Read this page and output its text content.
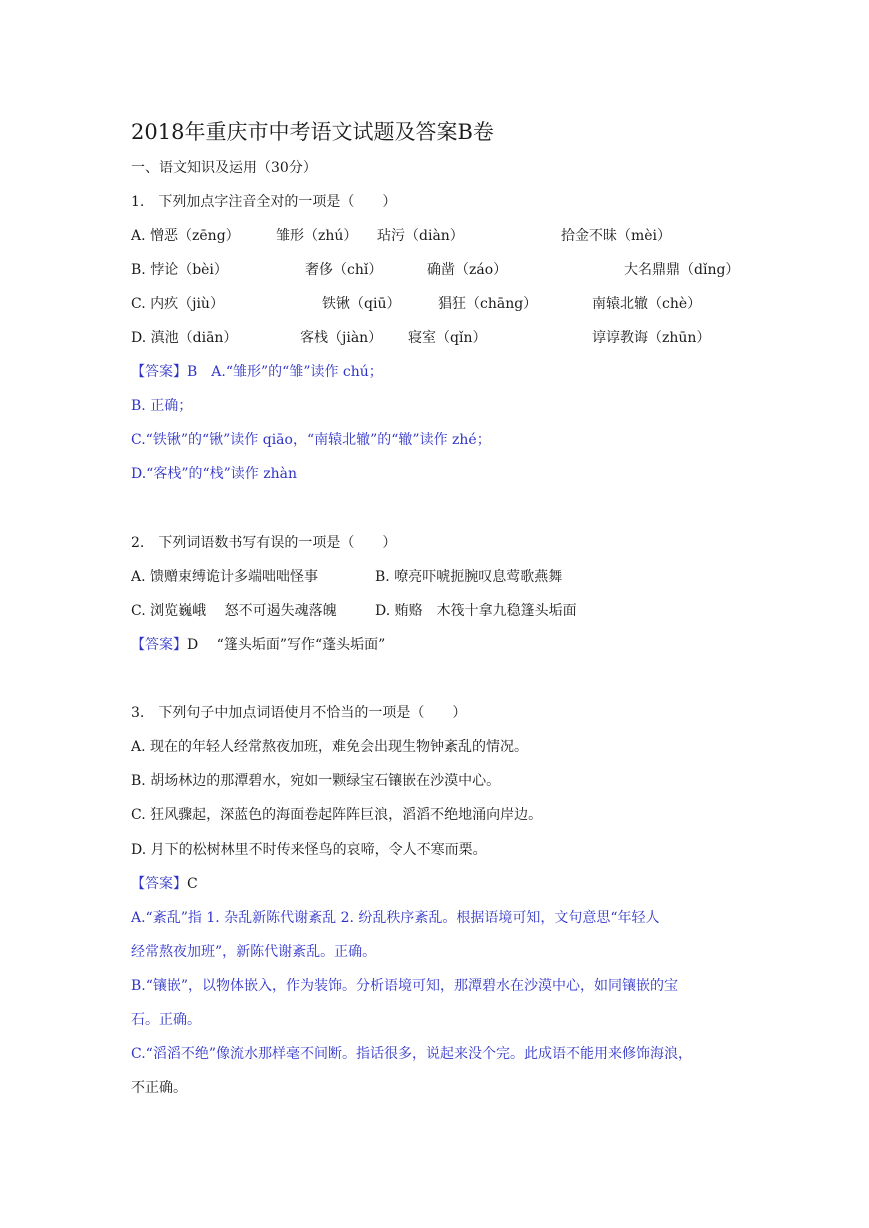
2018年重庆市中考语文试题及答案B卷
一、语文知识及运用（30分）
1.　下列加点字注音全对的一项是（　　）
A. 憎恶（zēng）	雏形（zhú） 玷污（diàn）	拾金不昧（mèi）
B. 悖论（bèi）	奢侈（chǐ）	确凿（záo）	大名鼎鼎（dǐng）
C. 内疚（jiù）	铁锹（qiū）	猖狂（chāng）	南辕北辙（chè）
D. 滇池（diān）	客栈（jiàn） 寝室（qǐn）	谆谆教诲（zhūn）
【答案】B　A.“雏形”的“雏”读作 chú；
B. 正确；
C.“铁锹”的“锹”读作 qiāo，“南辕北辙”的“辙”读作 zhé；
D.“客栈”的“栈”读作 zhàn
2.　下列词语数书写有误的一项是（　　）
A. 馈赠束缚诡计多端咄咄怪事	B. 嘹亮吓唬扼腕叹息莺歌燕舞
C. 浏览巍峨　 怒不可遏失魂落魄	D. 贿赂　木筏十拿九稳篷头垢面
【答案】D　 “篷头垢面”写作“蓬头垢面”
3.　下列句子中加点词语使月不恰当的一项是（　　）
A. 现在的年轻人经常熬夜加班，难免会出现生物钟紊乱的情况。
B. 胡场林边的那潭碧水，宛如一颗绿宝石镶嵌在沙漠中心。
C. 狂风骤起，深蓝色的海面卷起阵阵巨浪，滔滔不绝地涌向岸边。
D. 月下的松树林里不时传来怪鸟的哀啼，令人不寒而栗。
【答案】C
A.“紊乱”指 1. 杂乱新陈代谢紊乱 2. 纷乱秩序紊乱。根据语境可知，文句意思“年轻人
经常熬夜加班”，新陈代谢紊乱。正确。
B.“镶嵌”，以物体嵌入，作为装饰。分析语境可知，那潭碧水在沙漠中心，如同镶嵌的宝
石。正确。
C.“滔滔不绝”像流水那样毫不间断。指话很多，说起来没个完。此成语不能用来修饰海浪，
不正确。
